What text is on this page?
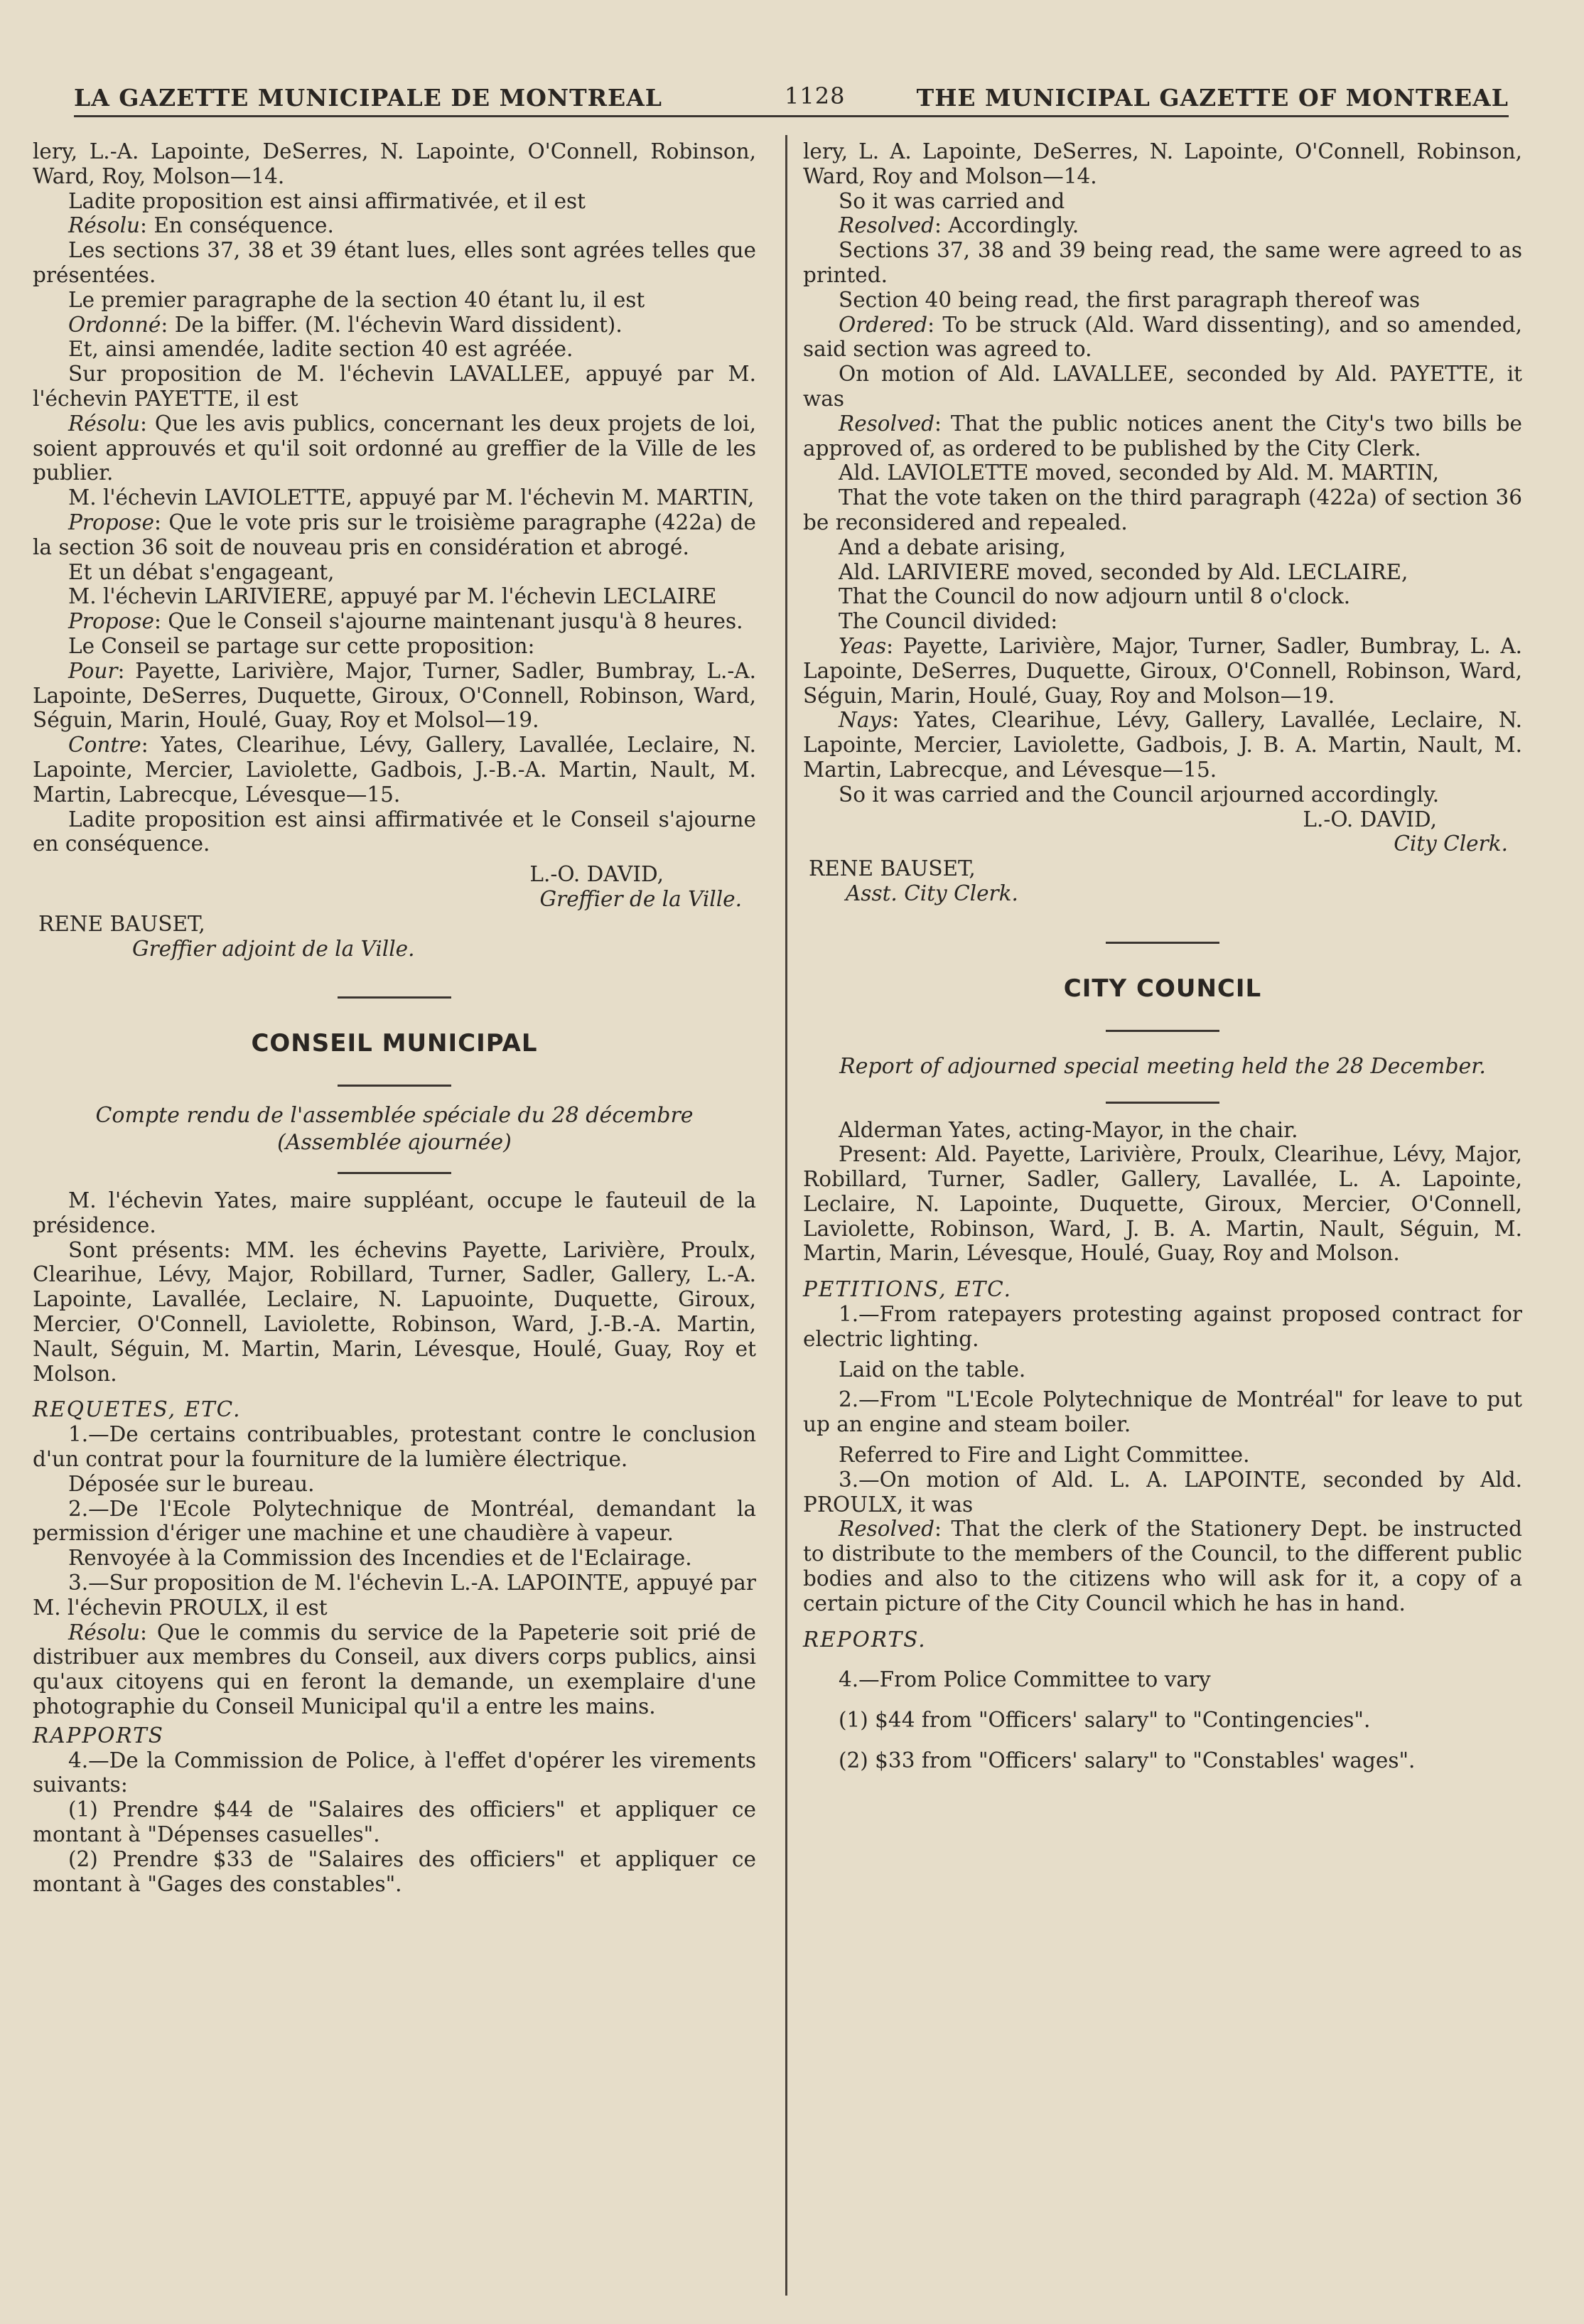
LA GAZETTE MUNICIPALE DE MONTREAL	1128	THE MUNICIPAL GAZETTE OF MONTREAL

lery, L.-A. Lapointe, DeSerres, N. Lapointe, O'Connell, Robinson, Ward, Roy, Molson—14.

Ladite proposition est ainsi affirmativée, et il est

Résolu: En conséquence.

Les sections 37, 38 et 39 étant lues, elles sont agrées telles que présentées.

Le premier paragraphe de la section 40 étant lu, il est

Ordonné: De la biffer. (M. l'échevin Ward dissident).

Et, ainsi amendée, ladite section 40 est agréée.

Sur proposition de M. l'échevin LAVALLEE, appuyé par M. l'échevin PAYETTE, il est

Résolu: Que les avis publics, concernant les deux projets de loi, soient approuvés et qu'il soit ordonné au greffier de la Ville de les publier.

M. l'échevin LAVIOLETTE, appuyé par M. l'échevin M. MARTIN,

Propose: Que le vote pris sur le troisième paragraphe (422a) de la section 36 soit de nouveau pris en considération et abrogé.

Et un débat s'engageant,

M. l'échevin LARIVIERE, appuyé par M. l'échevin LECLAIRE

Propose: Que le Conseil s'ajourne maintenant jusqu'à 8 heures.

Le Conseil se partage sur cette proposition:

Pour: Payette, Larivière, Major, Turner, Sadler, Bumbray, L.-A. Lapointe, DeSerres, Duquette, Giroux, O'Connell, Robinson, Ward, Séguin, Marin, Houlé, Guay, Roy et Molsol—19.

Contre: Yates, Clearihue, Lévy, Gallery, Lavallée, Leclaire, N. Lapointe, Mercier, Laviolette, Gadbois, J.-B.-A. Martin, Nault, M. Martin, Labrecque, Lévesque—15.

Ladite proposition est ainsi affirmativée et le Conseil s'ajourne en conséquence.

L.-O. DAVID,

Greffier de la Ville.

RENE BAUSET,

Greffier adjoint de la Ville.

CONSEIL MUNICIPAL
Compte rendu de l'assemblée spéciale du 28 décembre
(Assemblée ajournée)

M. l'échevin Yates, maire suppléant, occupe le fauteuil de la présidence.

Sont présents: MM. les échevins Payette, Larivière, Proulx, Clearihue, Lévy, Major, Robillard, Turner, Sadler, Gallery, L.-A. Lapointe, Lavallée, Leclaire, N. Lapuointe, Duquette, Giroux, Mercier, O'Connell, Laviolette, Robinson, Ward, J.-B.-A. Martin, Nault, Séguin, M. Martin, Marin, Lévesque, Houlé, Guay, Roy et Molson.

REQUETES, ETC.

1.—De certains contribuables, protestant contre le conclusion d'un contrat pour la fourniture de la lumière électrique.

Déposée sur le bureau.

2.—De l'Ecole Polytechnique de Montréal, demandant la permission d'ériger une machine et une chaudière à vapeur.

Renvoyée à la Commission des Incendies et de l'Eclairage.

3.—Sur proposition de M. l'échevin L.-A. LAPOINTE, appuyé par M. l'échevin PROULX, il est

Résolu: Que le commis du service de la Papeterie soit prié de distribuer aux membres du Conseil, aux divers corps publics, ainsi qu'aux citoyens qui en feront la demande, un exemplaire d'une photographie du Conseil Municipal qu'il a entre les mains.

RAPPORTS

4.—De la Commission de Police, à l'effet d'opérer les virements suivants:

(1) Prendre $44 de "Salaires des officiers" et appliquer ce montant à "Dépenses casuelles".

(2) Prendre $33 de "Salaires des officiers" et appliquer ce montant à "Gages des constables".

lery, L. A. Lapointe, DeSerres, N. Lapointe, O'Connell, Robinson, Ward, Roy and Molson—14.

So it was carried and

Resolved: Accordingly.

Sections 37, 38 and 39 being read, the same were agreed to as printed.

Section 40 being read, the first paragraph thereof was

Ordered: To be struck (Ald. Ward dissenting), and so amended, said section was agreed to.

On motion of Ald. LAVALLEE, seconded by Ald. PAYETTE, it was

Resolved: That the public notices anent the City's two bills be approved of, as ordered to be published by the City Clerk.

Ald. LAVIOLETTE moved, seconded by Ald. M. MARTIN,

That the vote taken on the third paragraph (422a) of section 36 be reconsidered and repealed.

And a debate arising,

Ald. LARIVIERE moved, seconded by Ald. LECLAIRE,

That the Council do now adjourn until 8 o'clock.

The Council divided:

Yeas: Payette, Larivière, Major, Turner, Sadler, Bumbray, L. A. Lapointe, DeSerres, Duquette, Giroux, O'Connell, Robinson, Ward, Séguin, Marin, Houlé, Guay, Roy and Molson—19.

Nays: Yates, Clearihue, Lévy, Gallery, Lavallée, Leclaire, N. Lapointe, Mercier, Laviolette, Gadbois, J. B. A. Martin, Nault, M. Martin, Labrecque, and Lévesque—15.

So it was carried and the Council arjourned accordingly.

L.-O. DAVID,

City Clerk.

RENE BAUSET,

Asst. City Clerk.

CITY COUNCIL
Report of adjourned special meeting held the 28 December.

Alderman Yates, acting-Mayor, in the chair.

Present: Ald. Payette, Larivière, Proulx, Clearihue, Lévy, Major, Robillard, Turner, Sadler, Gallery, Lavallée, L. A. Lapointe, Leclaire, N. Lapointe, Duquette, Giroux, Mercier, O'Connell, Laviolette, Robinson, Ward, J. B. A. Martin, Nault, Séguin, M. Martin, Marin, Lévesque, Houlé, Guay, Roy and Molson.

PETITIONS, ETC.

1.—From ratepayers protesting against proposed contract for electric lighting.

Laid on the table.

2.—From "L'Ecole Polytechnique de Montréal" for leave to put up an engine and steam boiler.

Referred to Fire and Light Committee.

3.—On motion of Ald. L. A. LAPOINTE, seconded by Ald. PROULX, it was

Resolved: That the clerk of the Stationery Dept. be instructed to distribute to the members of the Council, to the different public bodies and also to the citizens who will ask for it, a copy of a certain picture of the City Council which he has in hand.

REPORTS.

4.—From Police Committee to vary

(1) $44 from "Officers' salary" to "Contingencies".

(2) $33 from "Officers' salary" to "Constables' wages".
